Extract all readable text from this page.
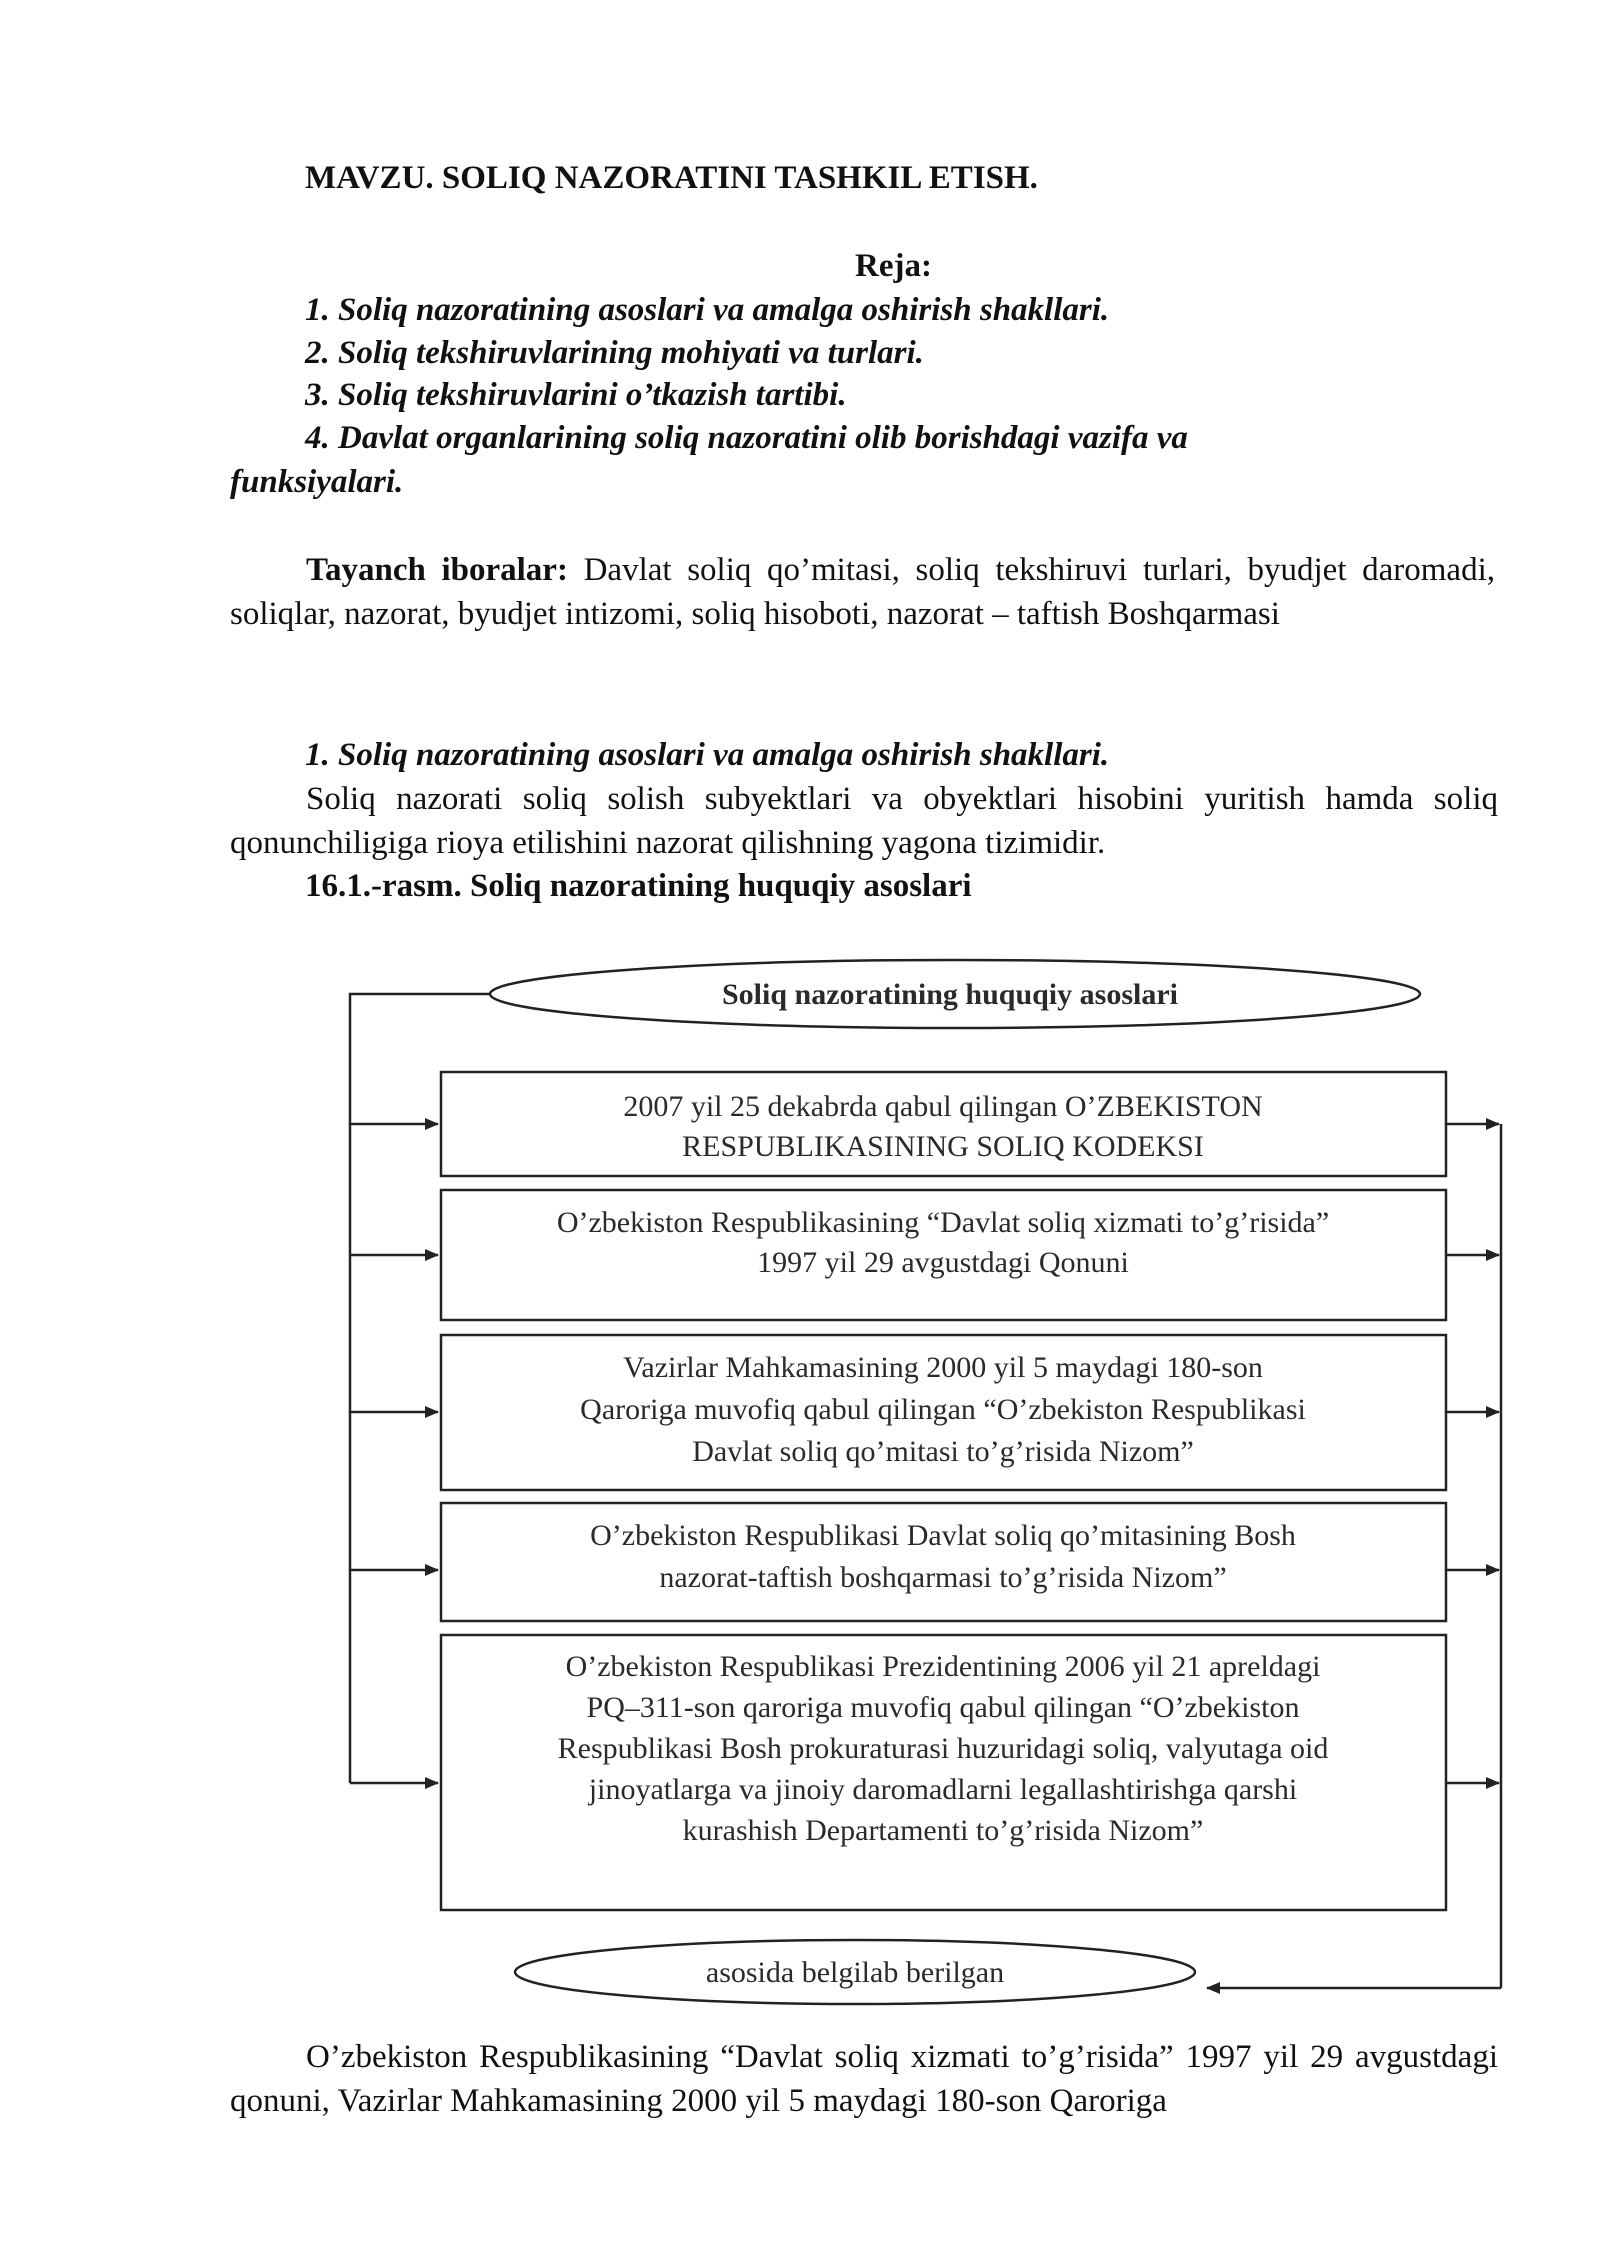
MAVZU. SOLIQ NAZORATINI TASHKIL ETISH.
Reja:
1. Soliq nazoratining asoslari va amalga oshirish shakllari.
2. Soliq tekshiruvlarining mohiyati va turlari.
3. Soliq tekshiruvlarini o’tkazish tartibi.
4. Davlat organlarining soliq nazoratini olib borishdagi vazifa va
funksiyalari.
Tayanch iboralar: Davlat soliq qo’mitasi, soliq tekshiruvi turlari, byudjet daromadi, soliqlar, nazorat, byudjet intizomi, soliq hisoboti, nazorat – taftish Boshqarmasi
1. Soliq nazoratining asoslari va amalga oshirish shakllari.
Soliq nazorati soliq solish subyektlari va obyektlari hisobini yuritish hamda soliq qonunchiligiga rioya etilishini nazorat qilishning yagona tizimidir.
16.1.-rasm. Soliq nazoratining huquqiy asoslari
Soliq nazoratining huquqiy asoslari
2007 yil 25 dekabrda qabul qilingan O’ZBEKISTON
RESPUBLIKASINING SOLIQ KODEKSI
O’zbekiston Respublikasining “Davlat soliq xizmati to’g’risida”
1997 yil 29 avgustdagi Qonuni
Vazirlar Mahkamasining 2000 yil 5 maydagi 180-son
Qaroriga muvofiq qabul qilingan “O’zbekiston Respublikasi
Davlat soliq qo’mitasi to’g’risida Nizom”
O’zbekiston Respublikasi Davlat soliq qo’mitasining Bosh
nazorat-taftish boshqarmasi to’g’risida Nizom”
O’zbekiston Respublikasi Prezidentining 2006 yil 21 apreldagi
PQ–311-son qaroriga muvofiq qabul qilingan “O’zbekiston
Respublikasi Bosh prokuraturasi huzuridagi soliq, valyutaga oid
jinoyatlarga va jinoiy daromadlarni legallashtirishga qarshi
kurashish Departamenti to’g’risida Nizom”
asosida belgilab berilgan
O’zbekiston Respublikasining “Davlat soliq xizmati to’g’risida” 1997 yil 29 avgustdagi qonuni, Vazirlar Mahkamasining 2000 yil 5 maydagi 180-son Qaroriga
